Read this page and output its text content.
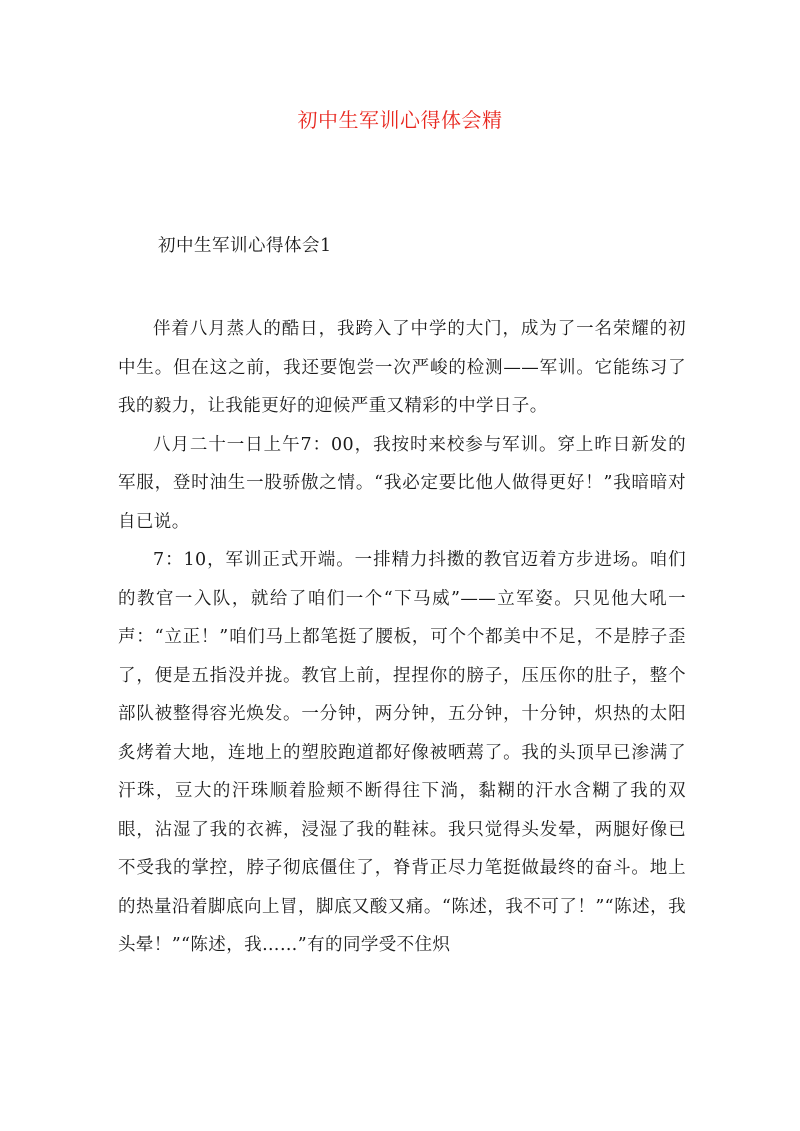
初中生军训心得体会精
初中生军训心得体会1

伴着八月蒸人的酷日，我跨入了中学的大门，成为了一名荣耀的初中生。但在这之前，我还要饱尝一次严峻的检测——军训。它能练习了我的毅力，让我能更好的迎候严重又精彩的中学日子。

八月二十一日上午7：00，我按时来校参与军训。穿上昨日新发的军服，登时油生一股骄傲之情。“我必定要比他人做得更好！”我暗暗对自已说。

7：10，军训正式开端。一排精力抖擞的教官迈着方步进场。咱们的教官一入队，就给了咱们一个“下马威”——立军姿。只见他大吼一声：“立正！”咱们马上都笔挺了腰板，可个个都美中不足，不是脖子歪了，便是五指没并拢。教官上前，捏捏你的膀子，压压你的肚子，整个部队被整得容光焕发。一分钟，两分钟，五分钟，十分钟，炽热的太阳炙烤着大地，连地上的塑胶跑道都好像被晒蔫了。我的头顶早已渗满了汗珠，豆大的汗珠顺着脸颊不断得往下淌，黏糊的汗水含糊了我的双眼，沾湿了我的衣裤，浸湿了我的鞋袜。我只觉得头发晕，两腿好像已不受我的掌控，脖子彻底僵住了，脊背正尽力笔挺做最终的奋斗。地上的热量沿着脚底向上冒，脚底又酸又痛。“陈述，我不可了！”“陈述，我头晕！”“陈述，我……”有的同学受不住炽
